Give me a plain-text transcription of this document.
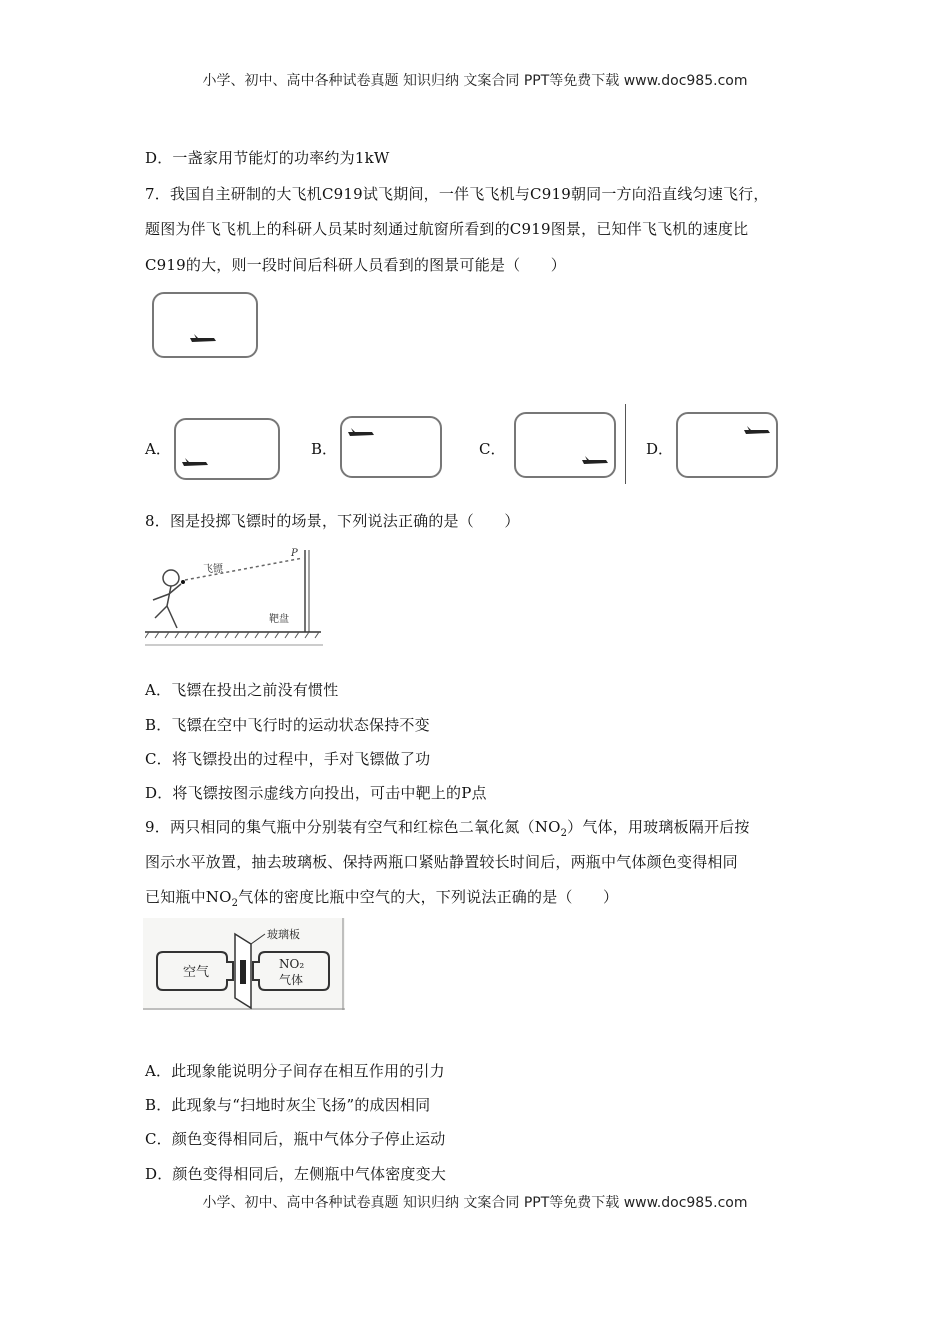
小学、初中、高中各种试卷真题 知识归纳 文案合同 PPT等免费下载 www.doc985.com
D．一盏家用节能灯的功率约为1kW
7．我国自主研制的大飞机C919试飞期间，一伴飞飞机与C919朝同一方向沿直线匀速飞行，
题图为伴飞飞机上的科研人员某时刻通过航窗所看到的C919图景，已知伴飞飞机的速度比
C919的大，则一段时间后科研人员看到的图景可能是（　　）
A．	B．	C．	D．
8．图是投掷飞镖时的场景，下列说法正确的是（　　）
飞镖
P
靶盘
A．飞镖在投出之前没有惯性
B．飞镖在空中飞行时的运动状态保持不变
C．将飞镖投出的过程中，手对飞镖做了功
D．将飞镖按图示虚线方向投出，可击中靶上的P点
9．两只相同的集气瓶中分别装有空气和红棕色二氧化氮$(NO_2)$气体，用玻璃板隔开后按
图示水平放置，抽去玻璃板、保持两瓶口紧贴静置较长时间后，两瓶中气体颜色变得相同
已知瓶中$NO_2$气体的密度比瓶中空气的大，下列说法正确的是（　　）
空气
NO₂
气体
玻璃板
A．此现象能说明分子间存在相互作用的引力
B．此现象与“扫地时灰尘飞扬”的成因相同
C．颜色变得相同后，瓶中气体分子停止运动
D．颜色变得相同后，左侧瓶中气体密度变大
小学、初中、高中各种试卷真题 知识归纳 文案合同 PPT等免费下载 www.doc985.com
